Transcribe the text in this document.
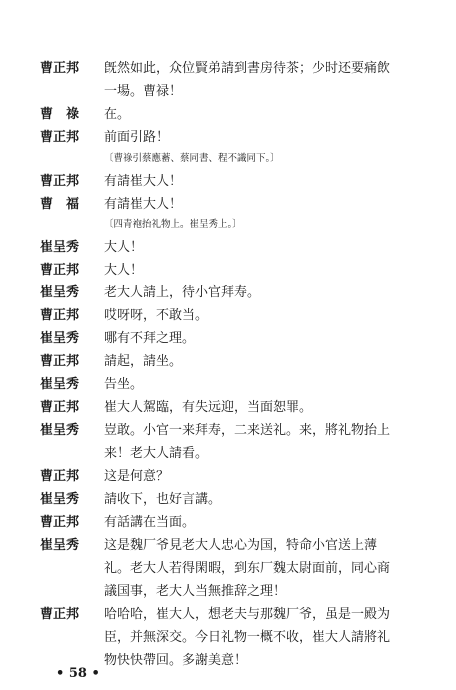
曹正邦	旣然如此，众位賢弟請到書房待茶；少时还要痛飲
一場。曹禄！
曹　祿	在。
曹正邦	前面引路！
〔曹祿引蔡應蓄、蔡同書、程不識同下。〕
曹正邦	有請崔大人！
曹　福	有請崔大人！
〔四青袍抬礼物上。崔呈秀上。〕
崔呈秀	大人！
曹正邦	大人！
崔呈秀	老大人請上，待小官拜寿。
曹正邦	哎呀呀，不敢当。
崔呈秀	哪有不拜之理。
曹正邦	請起，請坐。
崔呈秀	告坐。
曹正邦	崔大人駕臨，有失远迎，当面恕罪。
崔呈秀	豈敢。小官一来拜寿，二来送礼。来，將礼物抬上
来！老大人請看。
曹正邦	这是何意？
崔呈秀	請收下，也好言講。
曹正邦	有話講在当面。
崔呈秀	这是魏厂爷見老大人忠心为国，特命小官送上薄
礼。老大人若得閑暇，到东厂魏太尉面前，同心商
議国事，老大人当無推辞之理！
曹正邦	哈哈哈，崔大人，想老夫与那魏厂爷，虽是一殿为
臣，并無深交。今日礼物一概不收，崔大人請將礼
物快快帶回。多謝美意！
• 58 •
